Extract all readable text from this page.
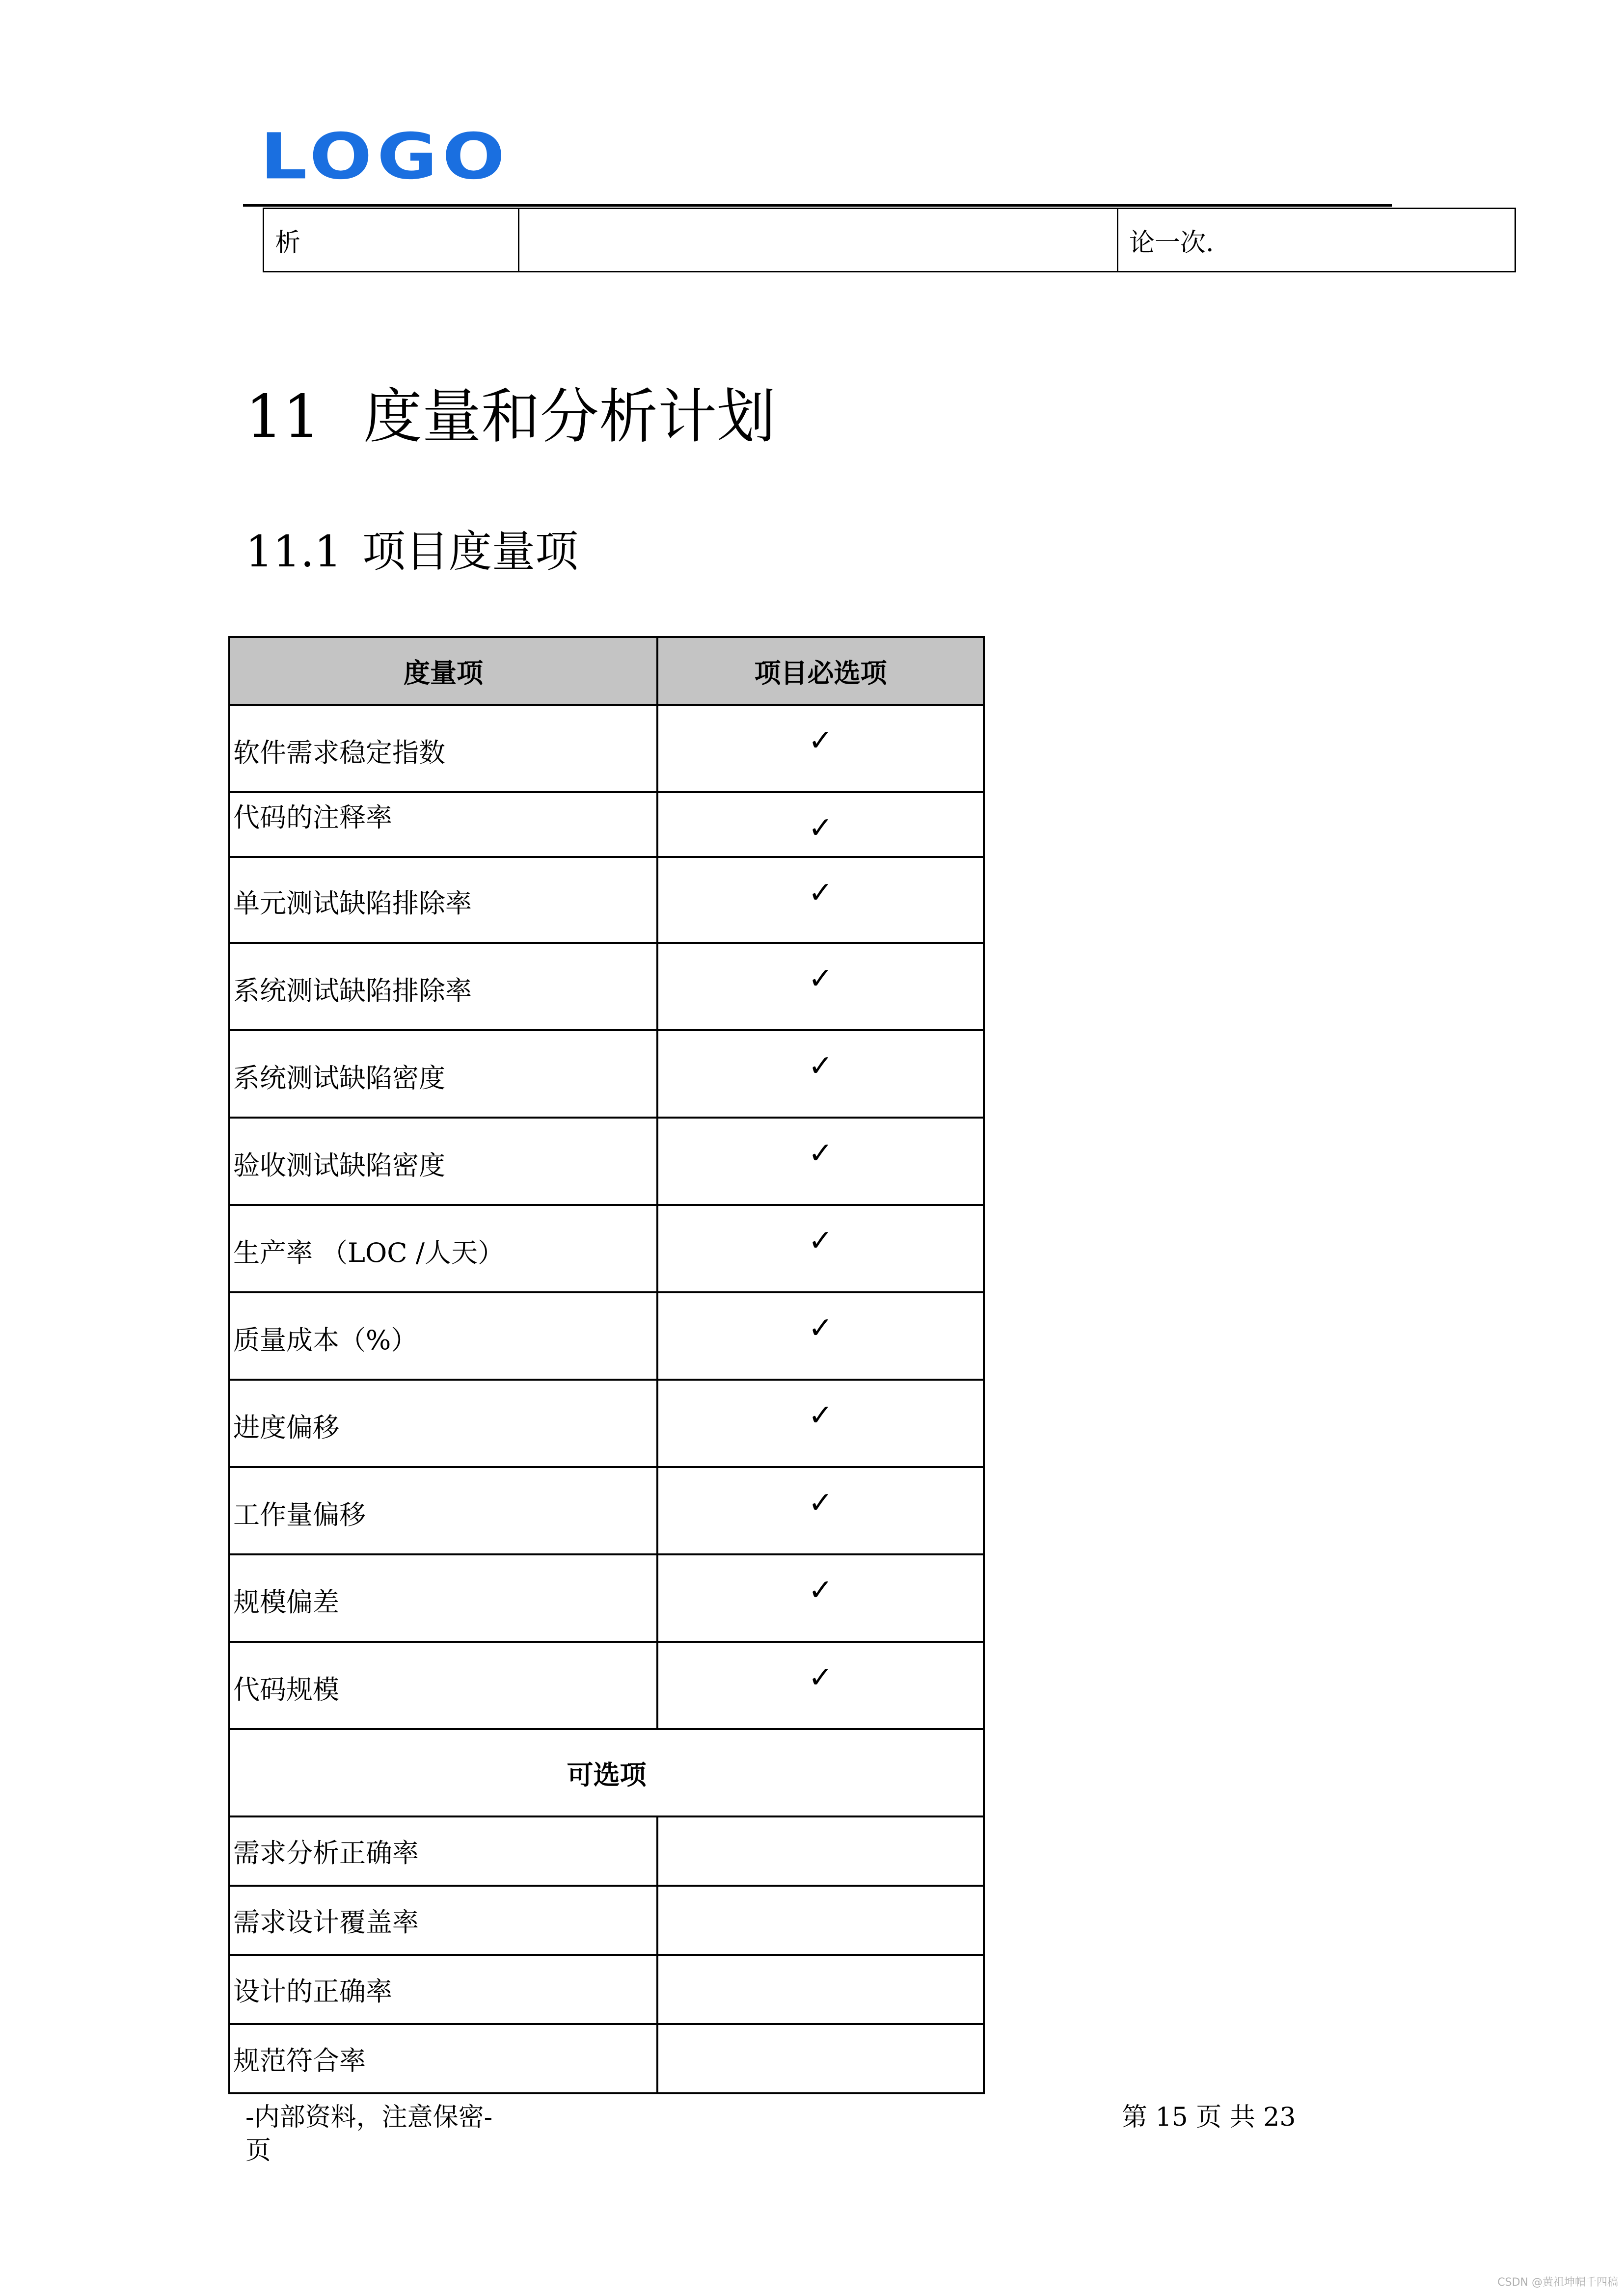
LOGO
析		论一次.
11 度量和分析计划
11.1 项目度量项
度量项	项目必选项
软件需求稳定指数	✓
代码的注释率	✓
单元测试缺陷排除率	✓
系统测试缺陷排除率	✓
系统测试缺陷密度	✓
验收测试缺陷密度	✓
生产率 （LOC /人天）	✓
质量成本（%）	✓
进度偏移	✓
工作量偏移	✓
规模偏差	✓
代码规模	✓
可选项	
需求分析正确率	
需求设计覆盖率	
设计的正确率	
规范符合率	
-内部资料，注意保密-
页
第 15 页 共 23
CSDN @黄祖坤帽千四稿
